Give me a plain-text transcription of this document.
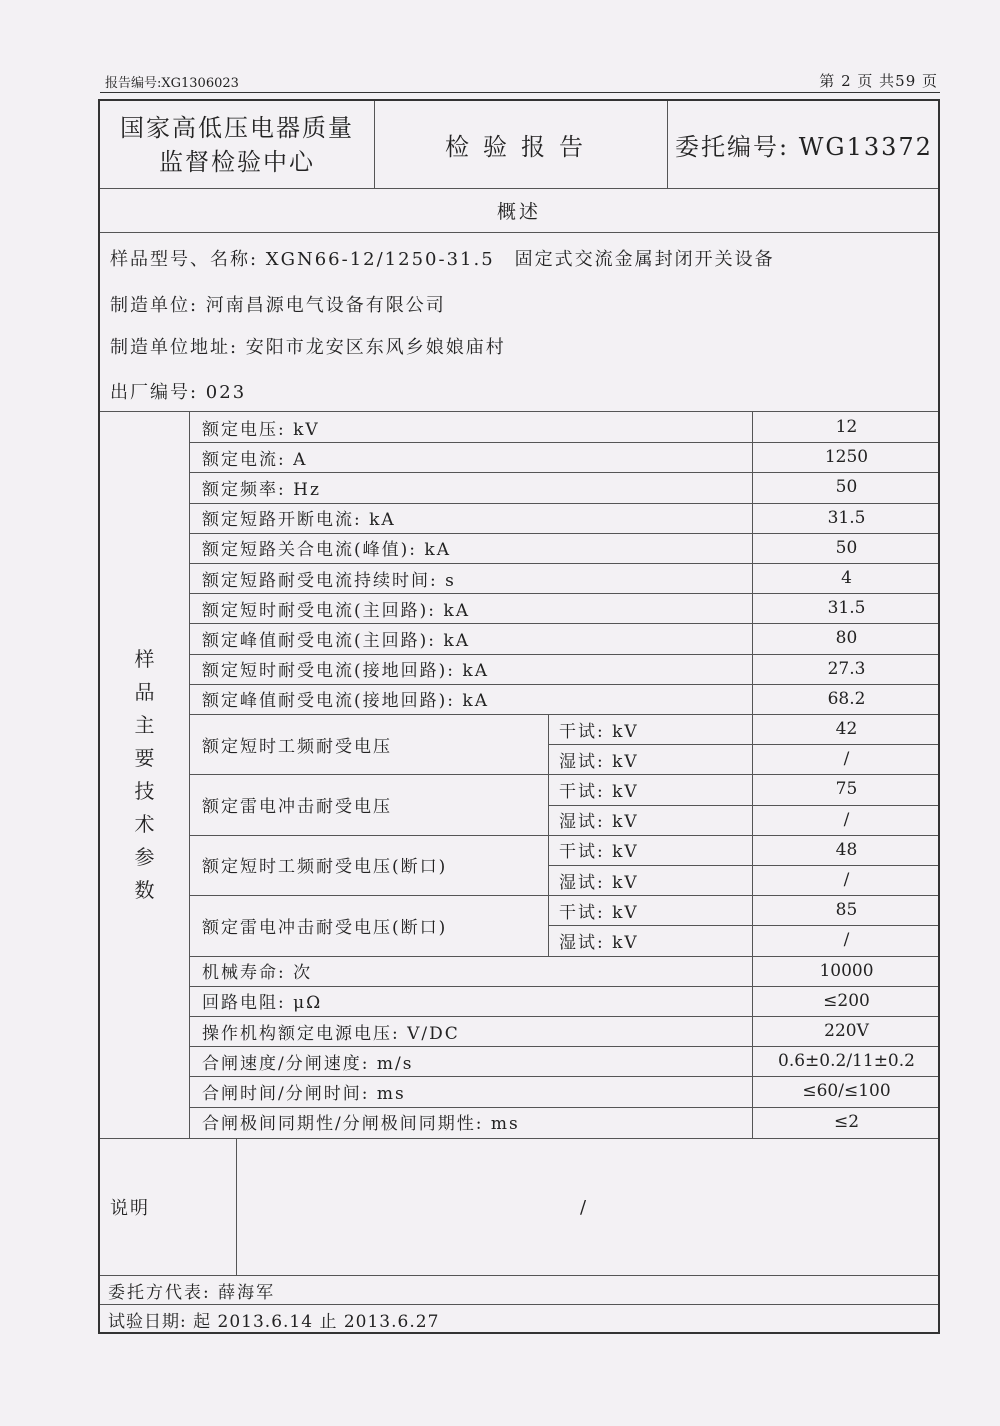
报告编号:XG1306023	第 2 页 共59 页
国家高低压电器质量
监督检验中心
检验报告	委托编号: WG13372
概述
样品型号、名称: XGN66-12/1250-31.5　固定式交流金属封闭开关设备
制造单位: 河南昌源电气设备有限公司
制造单位地址: 安阳市龙安区东风乡娘娘庙村
出厂编号: 023
样
品
主
要
技
术
参
数
额定电压: kV	12
额定电流: A	1250
额定频率: Hz	50
额定短路开断电流: kA	31.5
额定短路关合电流(峰值): kA	50
额定短路耐受电流持续时间: s	4
额定短时耐受电流(主回路): kA	31.5
额定峰值耐受电流(主回路): kA	80
额定短时耐受电流(接地回路): kA	27.3
额定峰值耐受电流(接地回路): kA	68.2
额定短时工频耐受电压
干试: kV	42
湿试: kV	/
额定雷电冲击耐受电压
干试: kV	75
湿试: kV	/
额定短时工频耐受电压(断口)
干试: kV	48
湿试: kV	/
额定雷电冲击耐受电压(断口)
干试: kV	85
湿试: kV	/
机械寿命: 次	10000
回路电阻: μΩ	≤200
操作机构额定电源电压: V/DC	220V
合闸速度/分闸速度: m/s	0.6±0.2/11±0.2
合闸时间/分闸时间: ms	≤60/≤100
合闸极间同期性/分闸极间同期性: ms	≤2
说明	/
委托方代表: 薛海军
试验日期: 起 2013.6.14 止 2013.6.27
